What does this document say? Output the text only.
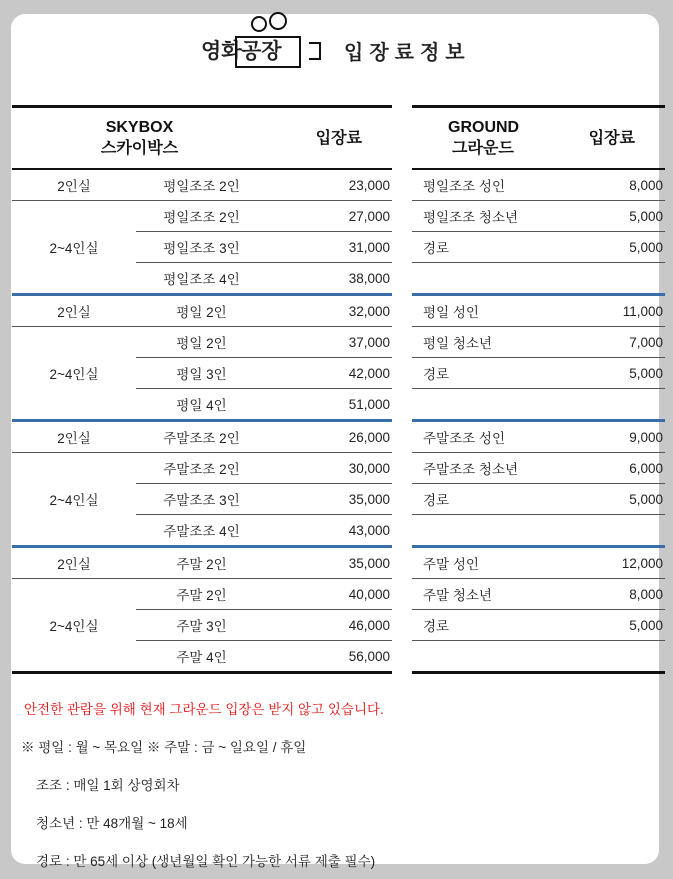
영화 공장	입장료정보
SKYBOX
스카이박스		입장료
2인실	평일조조 2인	23,000
2~4인실	평일조조 2인	27,000
	평일조조 3인	31,000
	평일조조 4인	38,000
2인실	평일 2인	32,000
2~4인실	평일 2인	37,000
	평일 3인	42,000
	평일 4인	51,000
2인실	주말조조 2인	26,000
2~4인실	주말조조 2인	30,000
	주말조조 3인	35,000
	주말조조 4인	43,000
2인실	주말 2인	35,000
2~4인실	주말 2인	40,000
	주말 3인	46,000
	주말 4인	56,000
GROUND
그라운드	입장료
평일조조 성인	8,000
평일조조 청소년	5,000
경로	5,000

평일 성인	11,000
평일 청소년	7,000
경로	5,000

주말조조 성인	9,000
주말조조 청소년	6,000
경로	5,000

주말 성인	12,000
주말 청소년	8,000
경로	5,000

안전한 관람을 위해 현재 그라운드 입장은 받지 않고 있습니다.
※ 평일 : 월 ~ 목요일 ※ 주말 : 금 ~ 일요일 / 휴일
조조 : 매일 1회 상영회차
청소년 : 만 48개월 ~ 18세
경로 : 만 65세 이상 (생년월일 확인 가능한 서류 제출 필수)
